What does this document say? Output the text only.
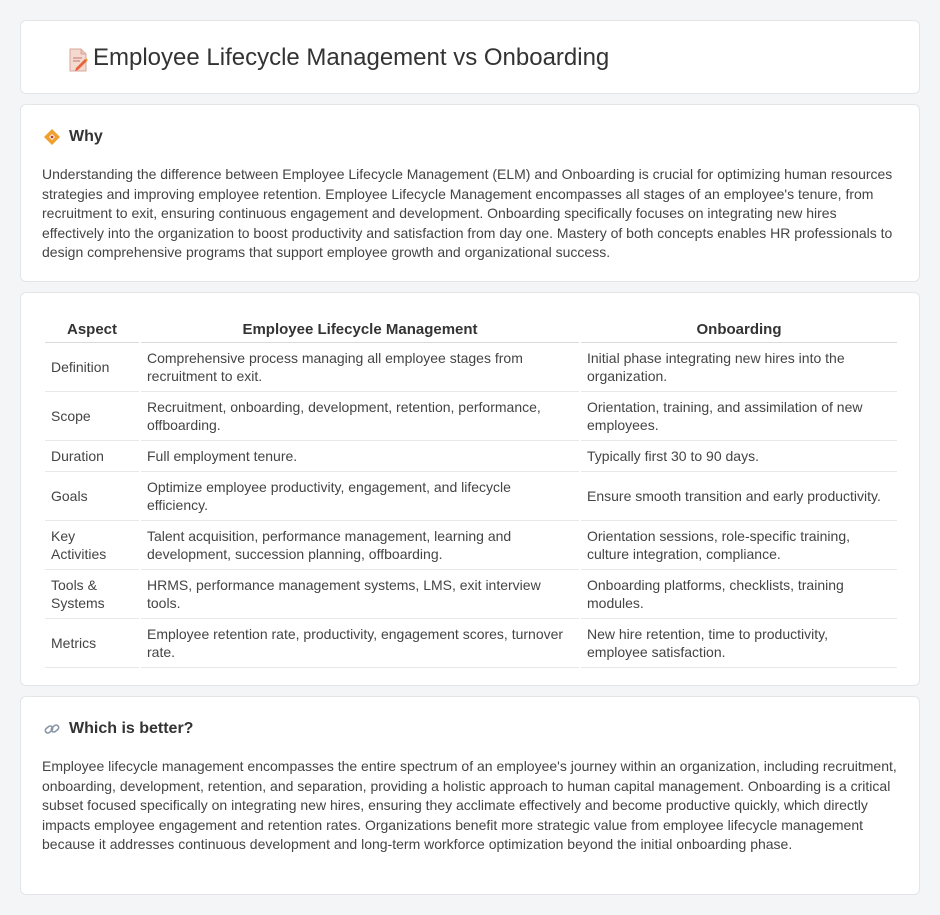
Employee Lifecycle Management vs Onboarding
Why

Understanding the difference between Employee Lifecycle Management (ELM) and Onboarding is crucial for optimizing human resources strategies and improving employee retention. Employee Lifecycle Management encompasses all stages of an employee's tenure, from recruitment to exit, ensuring continuous engagement and development. Onboarding specifically focuses on integrating new hires effectively into the organization to boost productivity and satisfaction from day one. Mastery of both concepts enables HR professionals to design comprehensive programs that support employee growth and organizational success.

Aspect	Employee Lifecycle Management	Onboarding
Definition	Comprehensive process managing all employee stages from recruitment to exit.	Initial phase integrating new hires into the organization.
Scope	Recruitment, onboarding, development, retention, performance, offboarding.	Orientation, training, and assimilation of new employees.
Duration	Full employment tenure.	Typically first 30 to 90 days.
Goals	Optimize employee productivity, engagement, and lifecycle efficiency.	Ensure smooth transition and early productivity.
Key Activities	Talent acquisition, performance management, learning and development, succession planning, offboarding.	Orientation sessions, role-specific training, culture integration, compliance.
Tools & Systems	HRMS, performance management systems, LMS, exit interview tools.	Onboarding platforms, checklists, training modules.
Metrics	Employee retention rate, productivity, engagement scores, turnover rate.	New hire retention, time to productivity, employee satisfaction.
Which is better?

Employee lifecycle management encompasses the entire spectrum of an employee's journey within an organization, including recruitment, onboarding, development, retention, and separation, providing a holistic approach to human capital management. Onboarding is a critical subset focused specifically on integrating new hires, ensuring they acclimate effectively and become productive quickly, which directly impacts employee engagement and retention rates. Organizations benefit more strategic value from employee lifecycle management because it addresses continuous development and long-term workforce optimization beyond the initial onboarding phase.
